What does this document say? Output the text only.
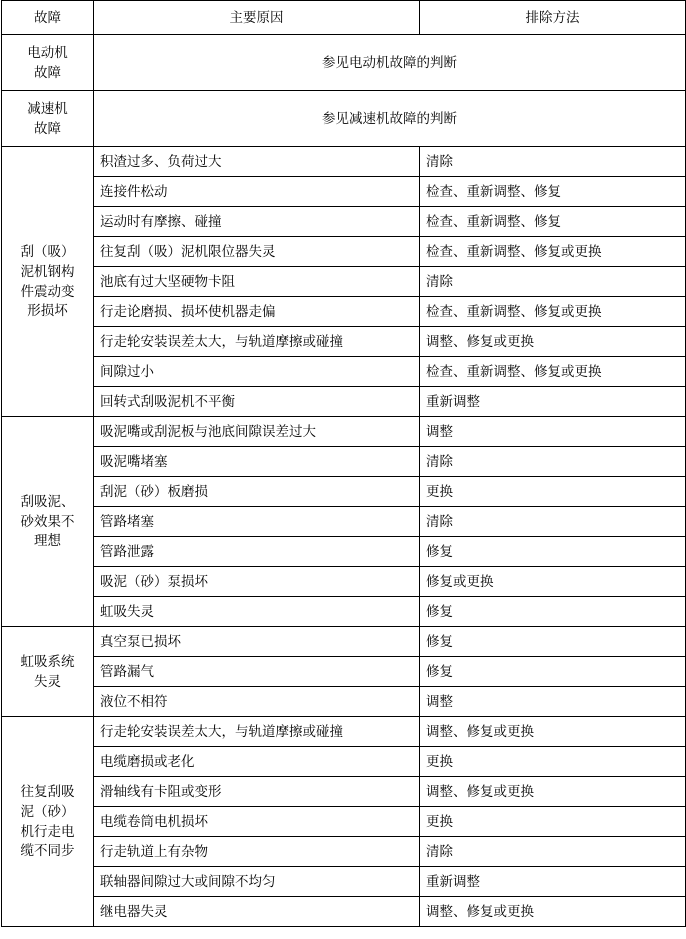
故障	主要原因	排除方法
电动机
故障	参见电动机故障的判断	
减速机
故障	参见减速机故障的判断	
刮（吸）
泥机钢构
件震动变
形损坏	积渣过多、负荷过大	清除
	连接件松动	检查、重新调整、修复
	运动时有摩擦、碰撞	检查、重新调整、修复
	往复刮（吸）泥机限位器失灵	检查、重新调整、修复或更换
	池底有过大坚硬物卡阻	清除
	行走论磨损、损坏使机器走偏	检查、重新调整、修复或更换
	行走轮安装误差太大，与轨道摩擦或碰撞	调整、修复或更换
	间隙过小	检查、重新调整、修复或更换
	回转式刮吸泥机不平衡	重新调整
刮吸泥、
砂效果不
理想	吸泥嘴或刮泥板与池底间隙误差过大	调整
	吸泥嘴堵塞	清除
	刮泥（砂）板磨损	更换
	管路堵塞	清除
	管路泄露	修复
	吸泥（砂）泵损坏	修复或更换
	虹吸失灵	修复
虹吸系统
失灵	真空泵已损坏	修复
	管路漏气	修复
	液位不相符	调整
往复刮吸
泥（砂）
机行走电
缆不同步	行走轮安装误差太大，与轨道摩擦或碰撞	调整、修复或更换
	电缆磨损或老化	更换
	滑轴线有卡阻或变形	调整、修复或更换
	电缆卷筒电机损坏	更换
	行走轨道上有杂物	清除
	联轴器间隙过大或间隙不均匀	重新调整
	继电器失灵	调整、修复或更换
